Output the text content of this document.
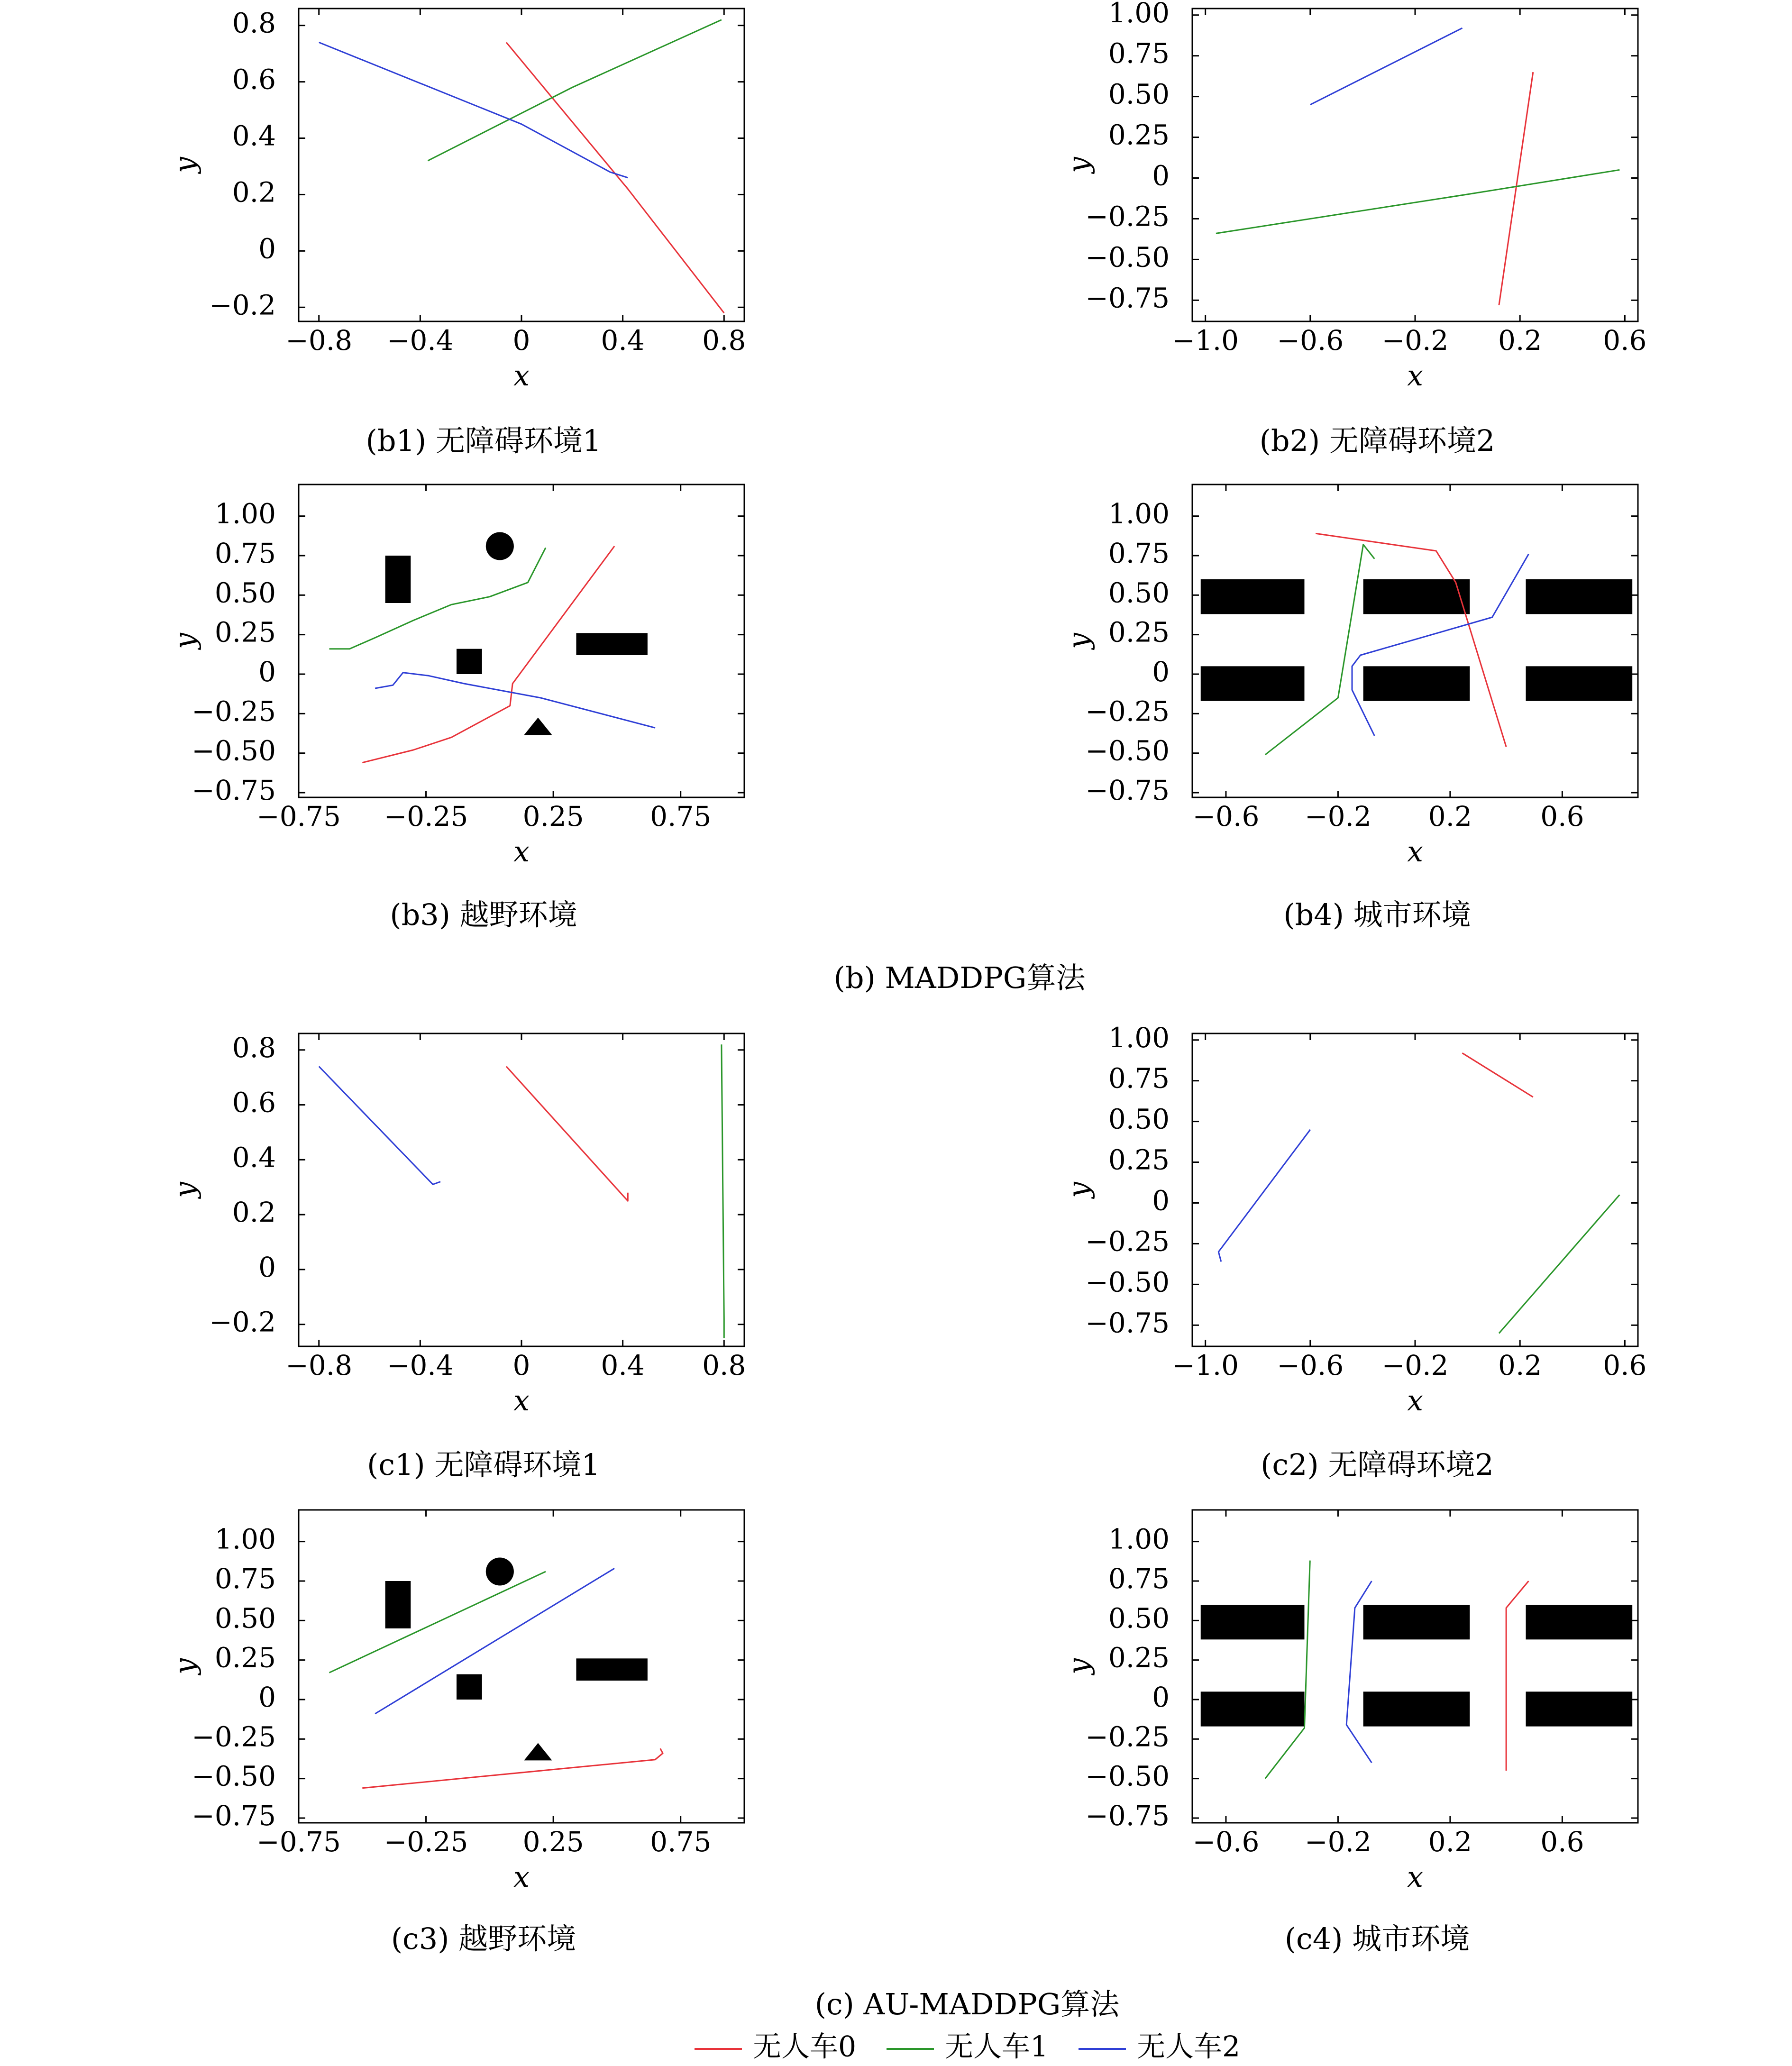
−0.8 −0.4 0	0.4 0.8
−0.2
0
0.2
0.4
0.6
0.8
x
y
(b1) 无障碍环境1
−1.0 −0.6 −0.2 0.2 0.6
−0.75
−0.50
−0.25
0
0.25
0.50
0.75
1.00
x
y
(b2) 无障碍环境2
−0.75 −0.25 0.25 0.75
−0.75
−0.50
−0.25
0
0.25
0.50
0.75
1.00
x
y
(b3) 越野环境
−0.6 −0.2 0.2 0.6
−0.75
−0.50
−0.25
0
0.25
0.50
0.75
1.00
x
y
(b4) 城市环境
−0.8 −0.4 0	0.4 0.8
−0.2
0
0.2
0.4
0.6
0.8
x
y
(c1) 无障碍环境1
−1.0 −0.6 −0.2 0.2 0.6
−0.75
−0.50
−0.25
0
0.25
0.50
0.75
1.00
x
y
(c2) 无障碍环境2
−0.75 −0.25 0.25 0.75
−0.75
−0.50
−0.25
0
0.25
0.50
0.75
1.00
x
y
(c3) 越野环境
−0.6 −0.2 0.2 0.6
−0.75
−0.50
−0.25
0
0.25
0.50
0.75
1.00
x
y
(c4) 城市环境
(b) MADDPG算法
(c) AU-MADDPG算法
无人车0	无人车1	无人车2
